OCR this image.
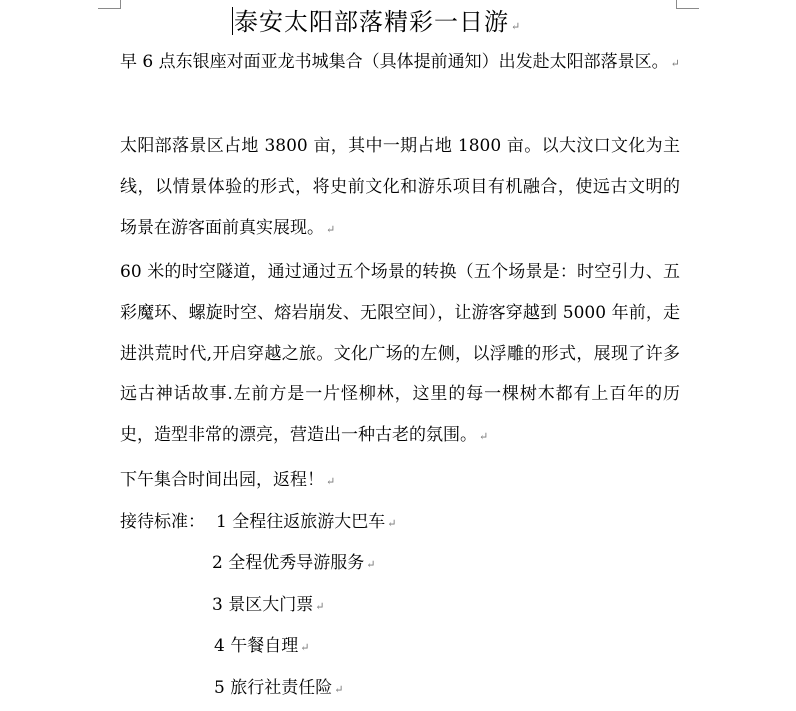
泰安太阳部落精彩一日游 ↵
早 6 点东银座对面亚龙书城集合（具体提前通知）出发赴太阳部落景区。 ↵
太阳部落景区占地 3800 亩，其中一期占地 1800 亩。以大汶口文化为主线，以情景体验的形式，将史前文化和游乐项目有机融合，使远古文明的场景在游客面前真实展现。 ↵
60 米的时空隧道，通过通过五个场景的转换（五个场景是：时空引力、五彩魔环、螺旋时空、熔岩崩发、无限空间），让游客穿越到 5000 年前，走进洪荒时代,开启穿越之旅。文化广场的左侧，以浮雕的形式，展现了许多远古神话故事.左前方是一片怪柳林，这里的每一棵树木都有上百年的历史，造型非常的漂亮，营造出一种古老的氛围。 ↵
下午集合时间出园，返程！ ↵
接待标准： 1 全程往返旅游大巴车 ↵
2 全程优秀导游服务 ↵
3 景区大门票 ↵
4 午餐自理 ↵
5 旅行社责任险 ↵
